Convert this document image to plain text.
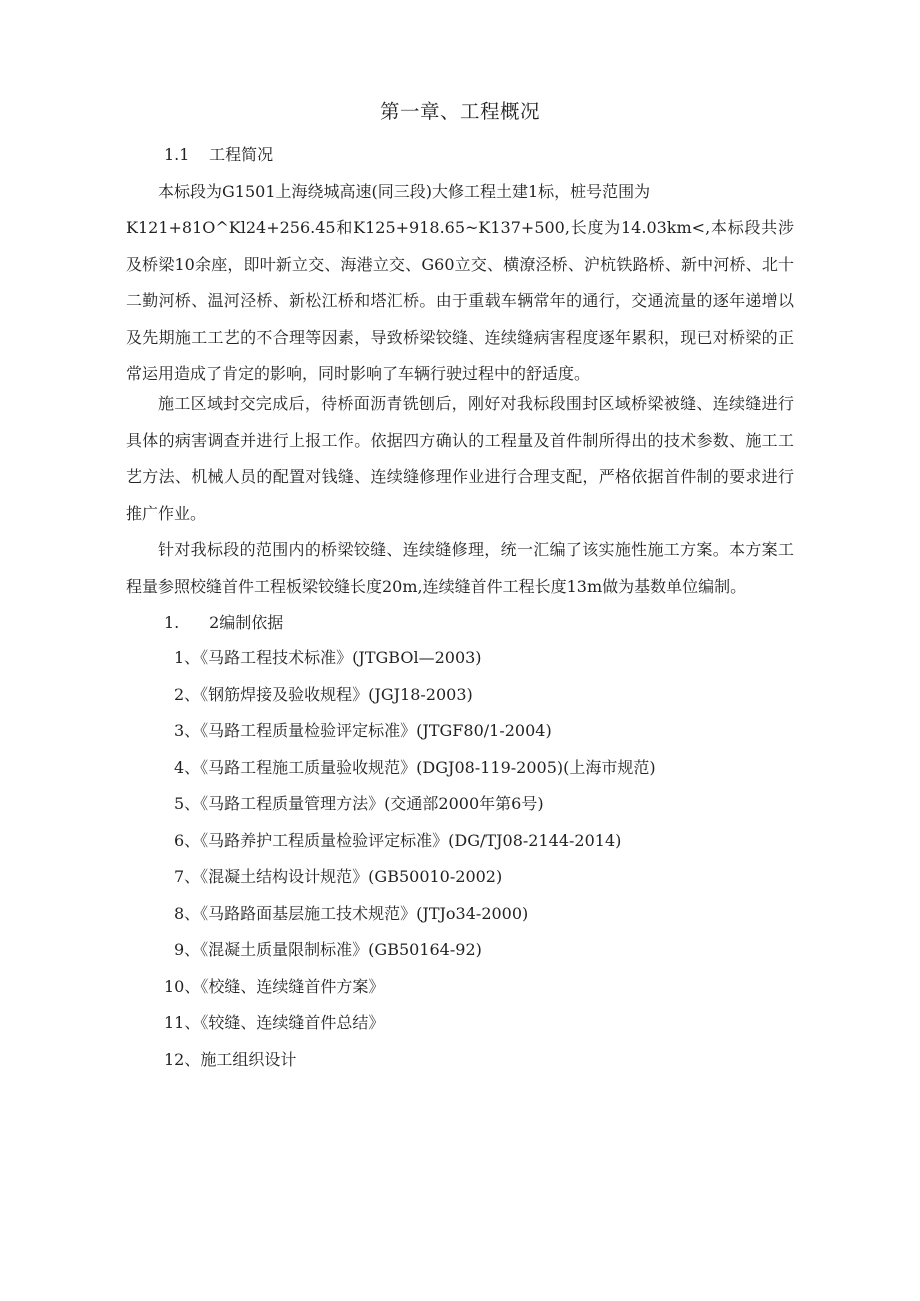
第一章、工程概况
1.1 工程简况

本标段为G1501上海绕城高速(同三段)大修工程土建1标，桩号范围为

K121+81O^Kl24+256.45和K125+918.65~K137+500,长度为14.03km<,本标段共涉及桥梁10余座，即叶新立交、海港立交、G60立交、横潦泾桥、沪杭铁路桥、新中河桥、北十二勤河桥、温河泾桥、新松江桥和塔汇桥。由于重载车辆常年的通行，交通流量的逐年递增以及先期施工工艺的不合理等因素，导致桥梁铰缝、连续缝病害程度逐年累积，现已对桥梁的正常运用造成了肯定的影响，同时影响了车辆行驶过程中的舒适度。

施工区域封交完成后，待桥面沥青铣刨后，刚好对我标段围封区域桥梁被缝、连续缝进行具体的病害调查并进行上报工作。依据四方确认的工程量及首件制所得出的技术参数、施工工艺方法、机械人员的配置对钱缝、连续缝修理作业进行合理支配，严格依据首件制的要求进行推广作业。

针对我标段的范围内的桥梁铰缝、连续缝修理，统一汇编了该实施性施工方案。本方案工程量参照校缝首件工程板梁铰缝长度20m,连续缝首件工程长度13m做为基数单位编制。

1. 2编制依据
1、《马路工程技术标准》(JTGBOl—2003)
2、《钢筋焊接及验收规程》(JGJ18-2003)
3、《马路工程质量检验评定标准》(JTGF80/1-2004)
4、《马路工程施工质量验收规范》(DGJ08-119-2005)(上海市规范)
5、《马路工程质量管理方法》(交通部2000年第6号)
6、《马路养护工程质量检验评定标准》(DG/TJ08-2144-2014)
7、《混凝土结构设计规范》(GB50010-2002)
8、《马路路面基层施工技术规范》(JTJo34-2000)
9、《混凝土质量限制标准》(GB50164-92)
10、《校缝、连续缝首件方案》
11、《较缝、连续缝首件总结》
12、施工组织设计
